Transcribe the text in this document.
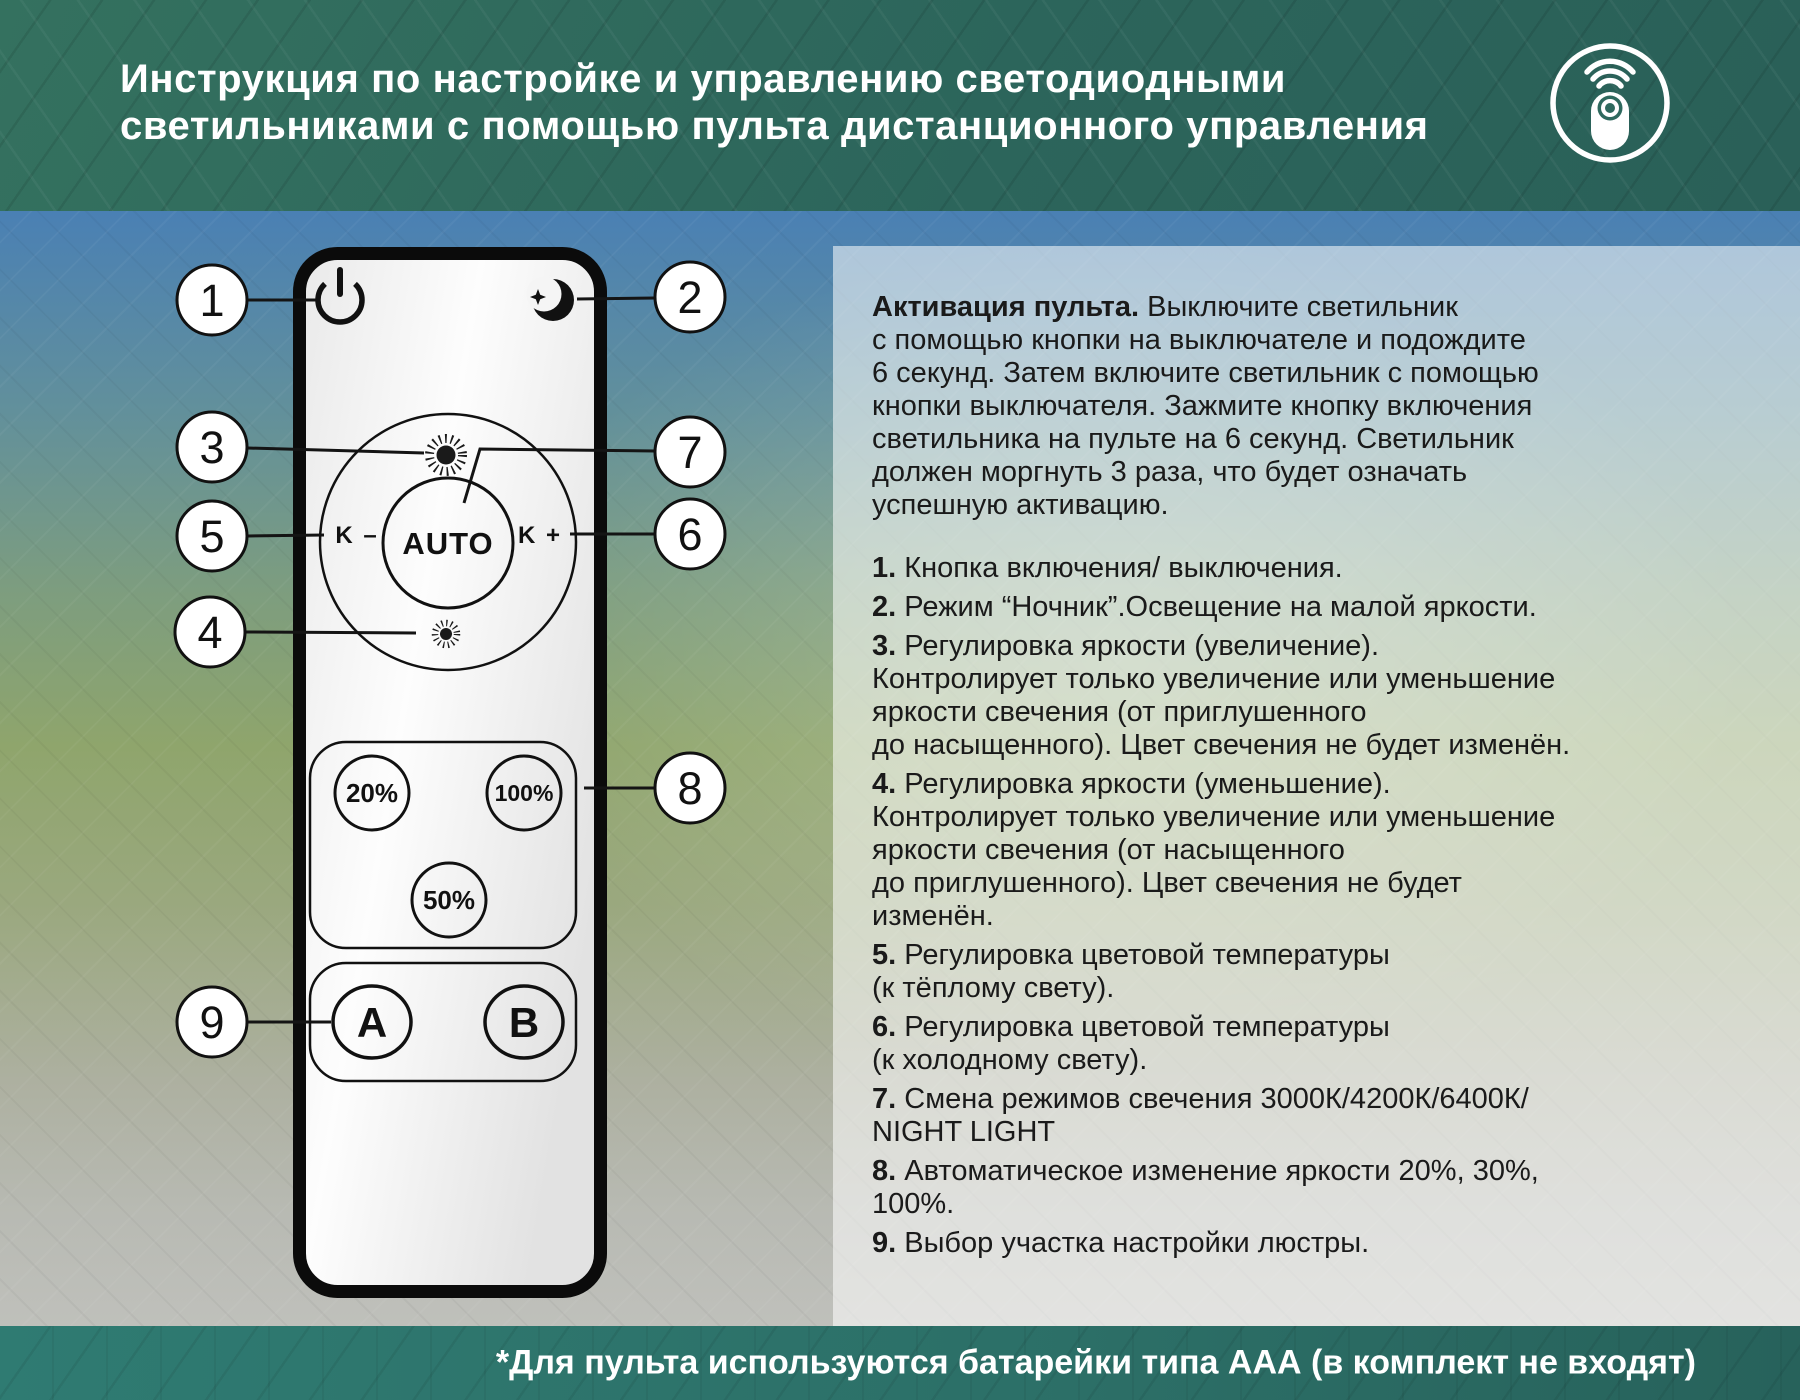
Инструкция по настройке и управлению светодиодными
светильниками с помощью пульта дистанционного управления
AUTO
K –	K +
20%	100%
50%
A	B
1	2
3	7
5	6
4
8
9

Активация пульта. Выключите светильник
с помощью кнопки на выключателе и подождите
6 секунд. Затем включите светильник с помощью
кнопки выключателя. Зажмите кнопку включения
светильника на пульте на 6 секунд. Светильник
должен моргнуть 3 раза, что будет означать
успешную активацию.

1. Кнопка включения/ выключения.
2. Режим “Ночник”.Освещение на малой яркости.
3. Регулировка яркости (увеличение).
Контролирует только увеличение или уменьшение
яркости свечения (от приглушенного
до насыщенного). Цвет свечения не будет изменён.
4. Регулировка яркости (уменьшение).
Контролирует только увеличение или уменьшение
яркости свечения (от насыщенного
до приглушенного). Цвет свечения не будет
изменён.
5. Регулировка цветовой температуры
(к тёплому свету).
6. Регулировка цветовой температуры
(к холодному свету).
7. Смена режимов свечения 3000К/4200К/6400К/
NIGHT LIGHT
8. Автоматическое изменение яркости 20%, 30%,
100%.
9. Выбор участка настройки люстры.
*Для пульта используются батарейки типа ААА (в комплект не входят)
